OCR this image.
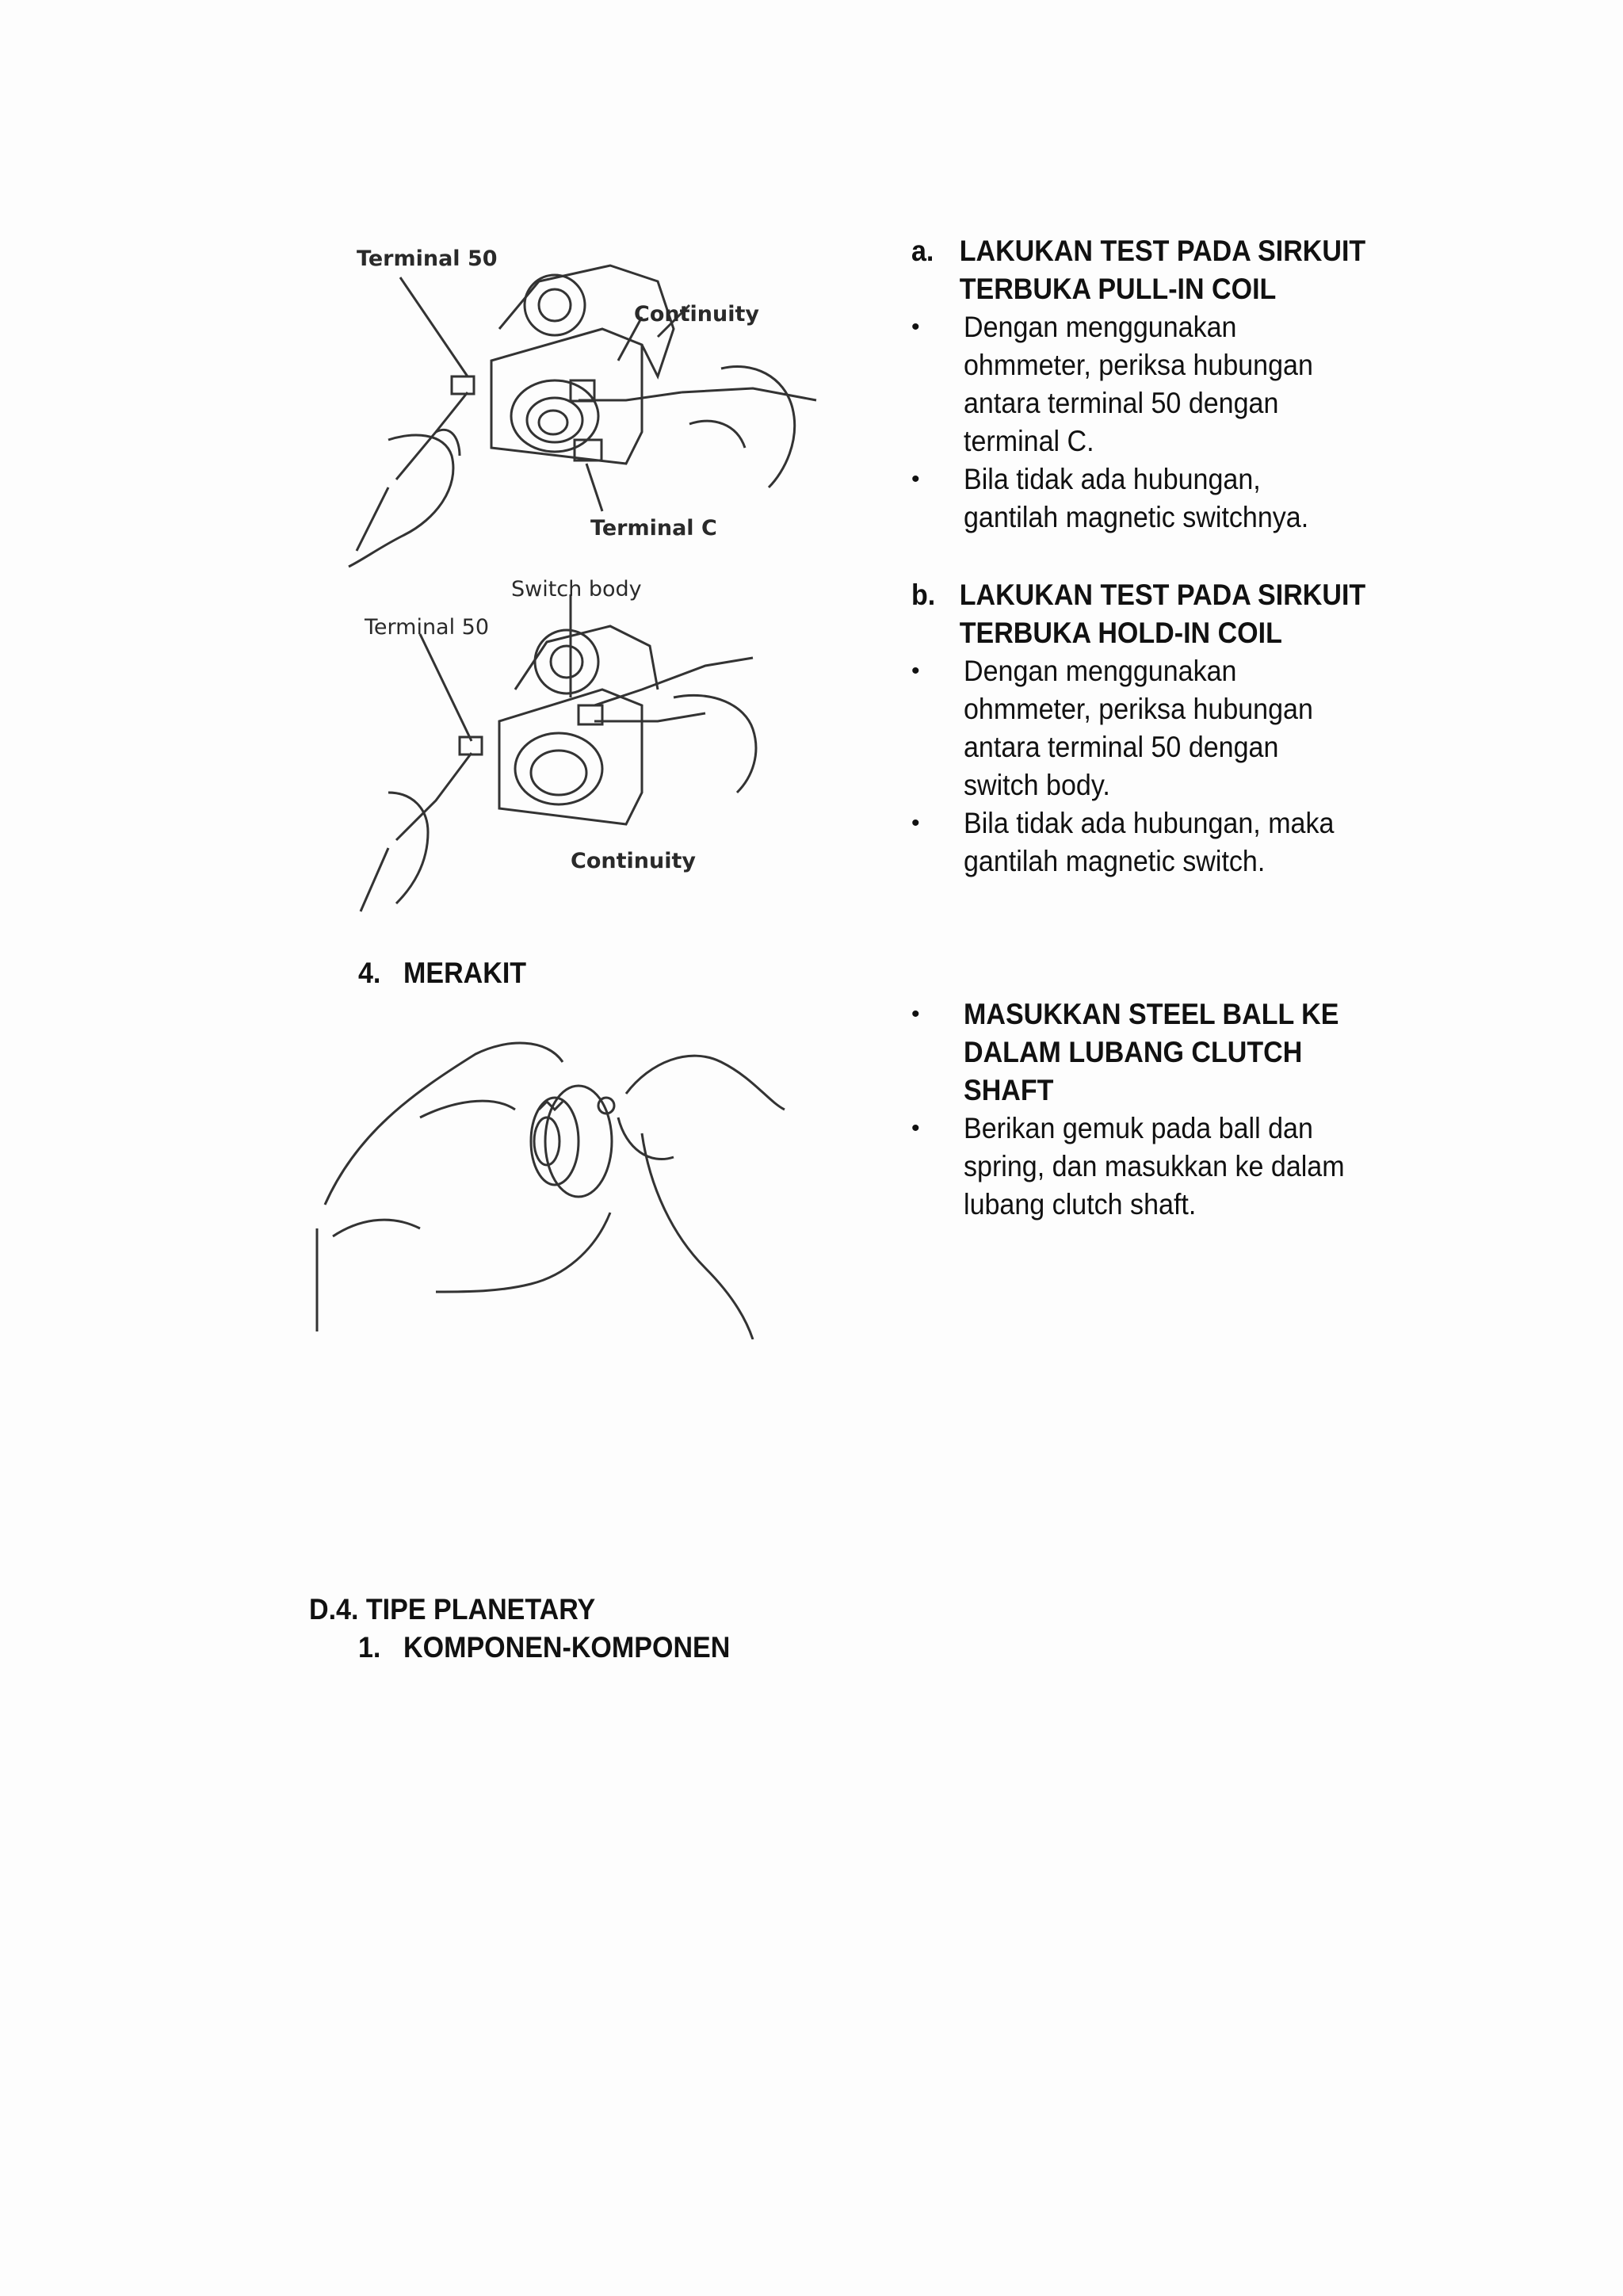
Terminal 50
Continuity
Terminal C
Switch body
Terminal 50
Continuity
a. LAKUKAN TEST PADA SIRKUIT TERBUKA PULL-IN COIL
•	Dengan menggunakan ohmmeter, periksa hubungan antara terminal 50 dengan terminal C.
•	Bila tidak ada hubungan, gantilah magnetic switchnya.
b. LAKUKAN TEST PADA SIRKUIT TERBUKA HOLD-IN COIL
•	Dengan menggunakan ohmmeter, periksa hubungan antara terminal 50 dengan switch body.
•	Bila tidak ada hubungan, maka gantilah magnetic switch.
4. MERAKIT
•	MASUKKAN STEEL BALL KE DALAM LUBANG CLUTCH SHAFT
•	Berikan gemuk pada ball dan spring, dan masukkan ke dalam lubang clutch shaft.
D.4. TIPE PLANETARY
1. KOMPONEN-KOMPONEN
